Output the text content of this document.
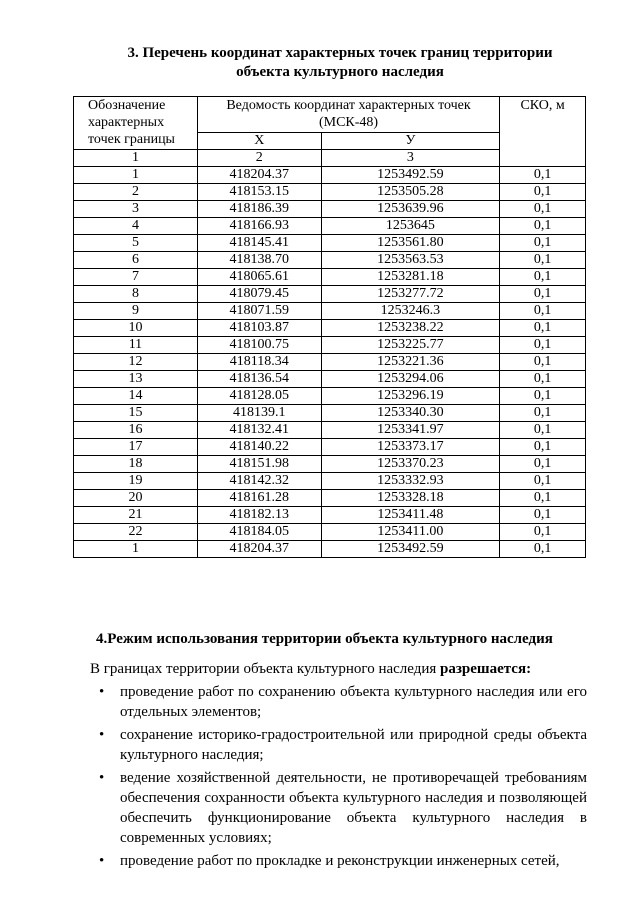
3. Перечень координат характерных точек границ территории
объекта культурного наследия
Обозначение характерных точек границы	Ведомость координат характерных точек (МСК-48)		СКО, м
	X	У	
1	2	3	
1	418204.37	1253492.59	0,1
2	418153.15	1253505.28	0,1
3	418186.39	1253639.96	0,1
4	418166.93	1253645	0,1
5	418145.41	1253561.80	0,1
6	418138.70	1253563.53	0,1
7	418065.61	1253281.18	0,1
8	418079.45	1253277.72	0,1
9	418071.59	1253246.3	0,1
10	418103.87	1253238.22	0,1
11	418100.75	1253225.77	0,1
12	418118.34	1253221.36	0,1
13	418136.54	1253294.06	0,1
14	418128.05	1253296.19	0,1
15	418139.1	1253340.30	0,1
16	418132.41	1253341.97	0,1
17	418140.22	1253373.17	0,1
18	418151.98	1253370.23	0,1
19	418142.32	1253332.93	0,1
20	418161.28	1253328.18	0,1
21	418182.13	1253411.48	0,1
22	418184.05	1253411.00	0,1
1	418204.37	1253492.59	0,1
4.Режим использования территории объекта культурного наследия
В границах территории объекта культурного наследия разрешается:
• проведение работ по сохранению объекта культурного наследия или его отдельных элементов;
• сохранение историко-градостроительной или природной среды объекта культурного наследия;
• ведение хозяйственной деятельности, не противоречащей требованиям обеспечения сохранности объекта культурного наследия и позволяющей обеспечить функционирование объекта культурного наследия в современных условиях;
• проведение работ по прокладке и реконструкции инженерных сетей,
